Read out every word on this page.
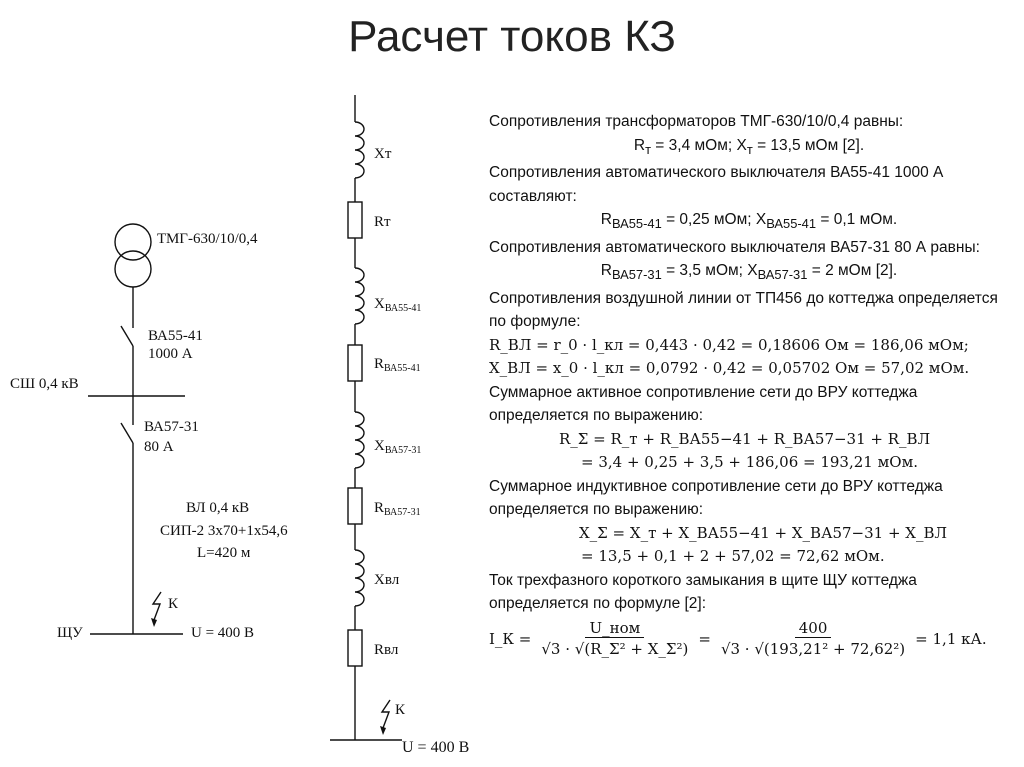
Расчет токов КЗ
ТМГ-630/10/0,4
ВА55-41
1000 А
СШ 0,4 кВ
ВА57-31
80 А
ВЛ 0,4 кВ
СИП-2 3х70+1х54,6
L=420 м
К
ЩУ	U = 400 В
Хт
Rт
$Х_{ВА55-41}$
$R_{ВА55-41}$
$Х_{ВА57-31}$
$R_{ВА57-31}$
Хвл
Rвл
К
U = 400 В

Сопротивления трансформаторов ТМГ-630/10/0,4 равны:

$R_т = 3,4$ мОм; $Х_т = 13,5$ мОм [2].

Сопротивления автоматического выключателя ВА55-41 1000 А составляют:

$R_{ВА55-41} = 0,25$ мОм; $Х_{ВА55-41} = 0,1$ мОм.

Сопротивления автоматического выключателя ВА57-31 80 А равны:

$R_{ВА57-31} = 3,5$ мОм; $Х_{ВА57-31} = 2$ мОм [2].

Сопротивления воздушной линии от ТП456 до коттеджа определяется по формуле:

R_ВЛ = r_0 · l_кл = 0,443 · 0,42 = 0,18606 Ом = 186,06 мОм;

X_ВЛ = x_0 · l_кл = 0,0792 · 0,42 = 0,05702 Ом = 57,02 мОм.

Суммарное активное сопротивление сети до ВРУ коттеджа определяется по выражению:

R_Σ = R_т + R_ВА55−41 + R_ВА57−31 + R_ВЛ

= 3,4 + 0,25 + 3,5 + 186,06 = 193,21 мОм.

Суммарное индуктивное сопротивление сети до ВРУ коттеджа определяется по выражению:

X_Σ = X_т + X_ВА55−41 + X_ВА57−31 + X_ВЛ

= 13,5 + 0,1 + 2 + 57,02 = 72,62 мОм.

Ток трехфазного короткого замыкания в щите ЩУ коттеджа определяется по формуле [2]:

I_К = $\frac{\text{U\_ном}}{\text{√3 · √(R\_Σ² + X\_Σ²)}} = \frac{400}{\text{√3 · √(193,21² + 72,62²)}} = 1,1$ кА.
